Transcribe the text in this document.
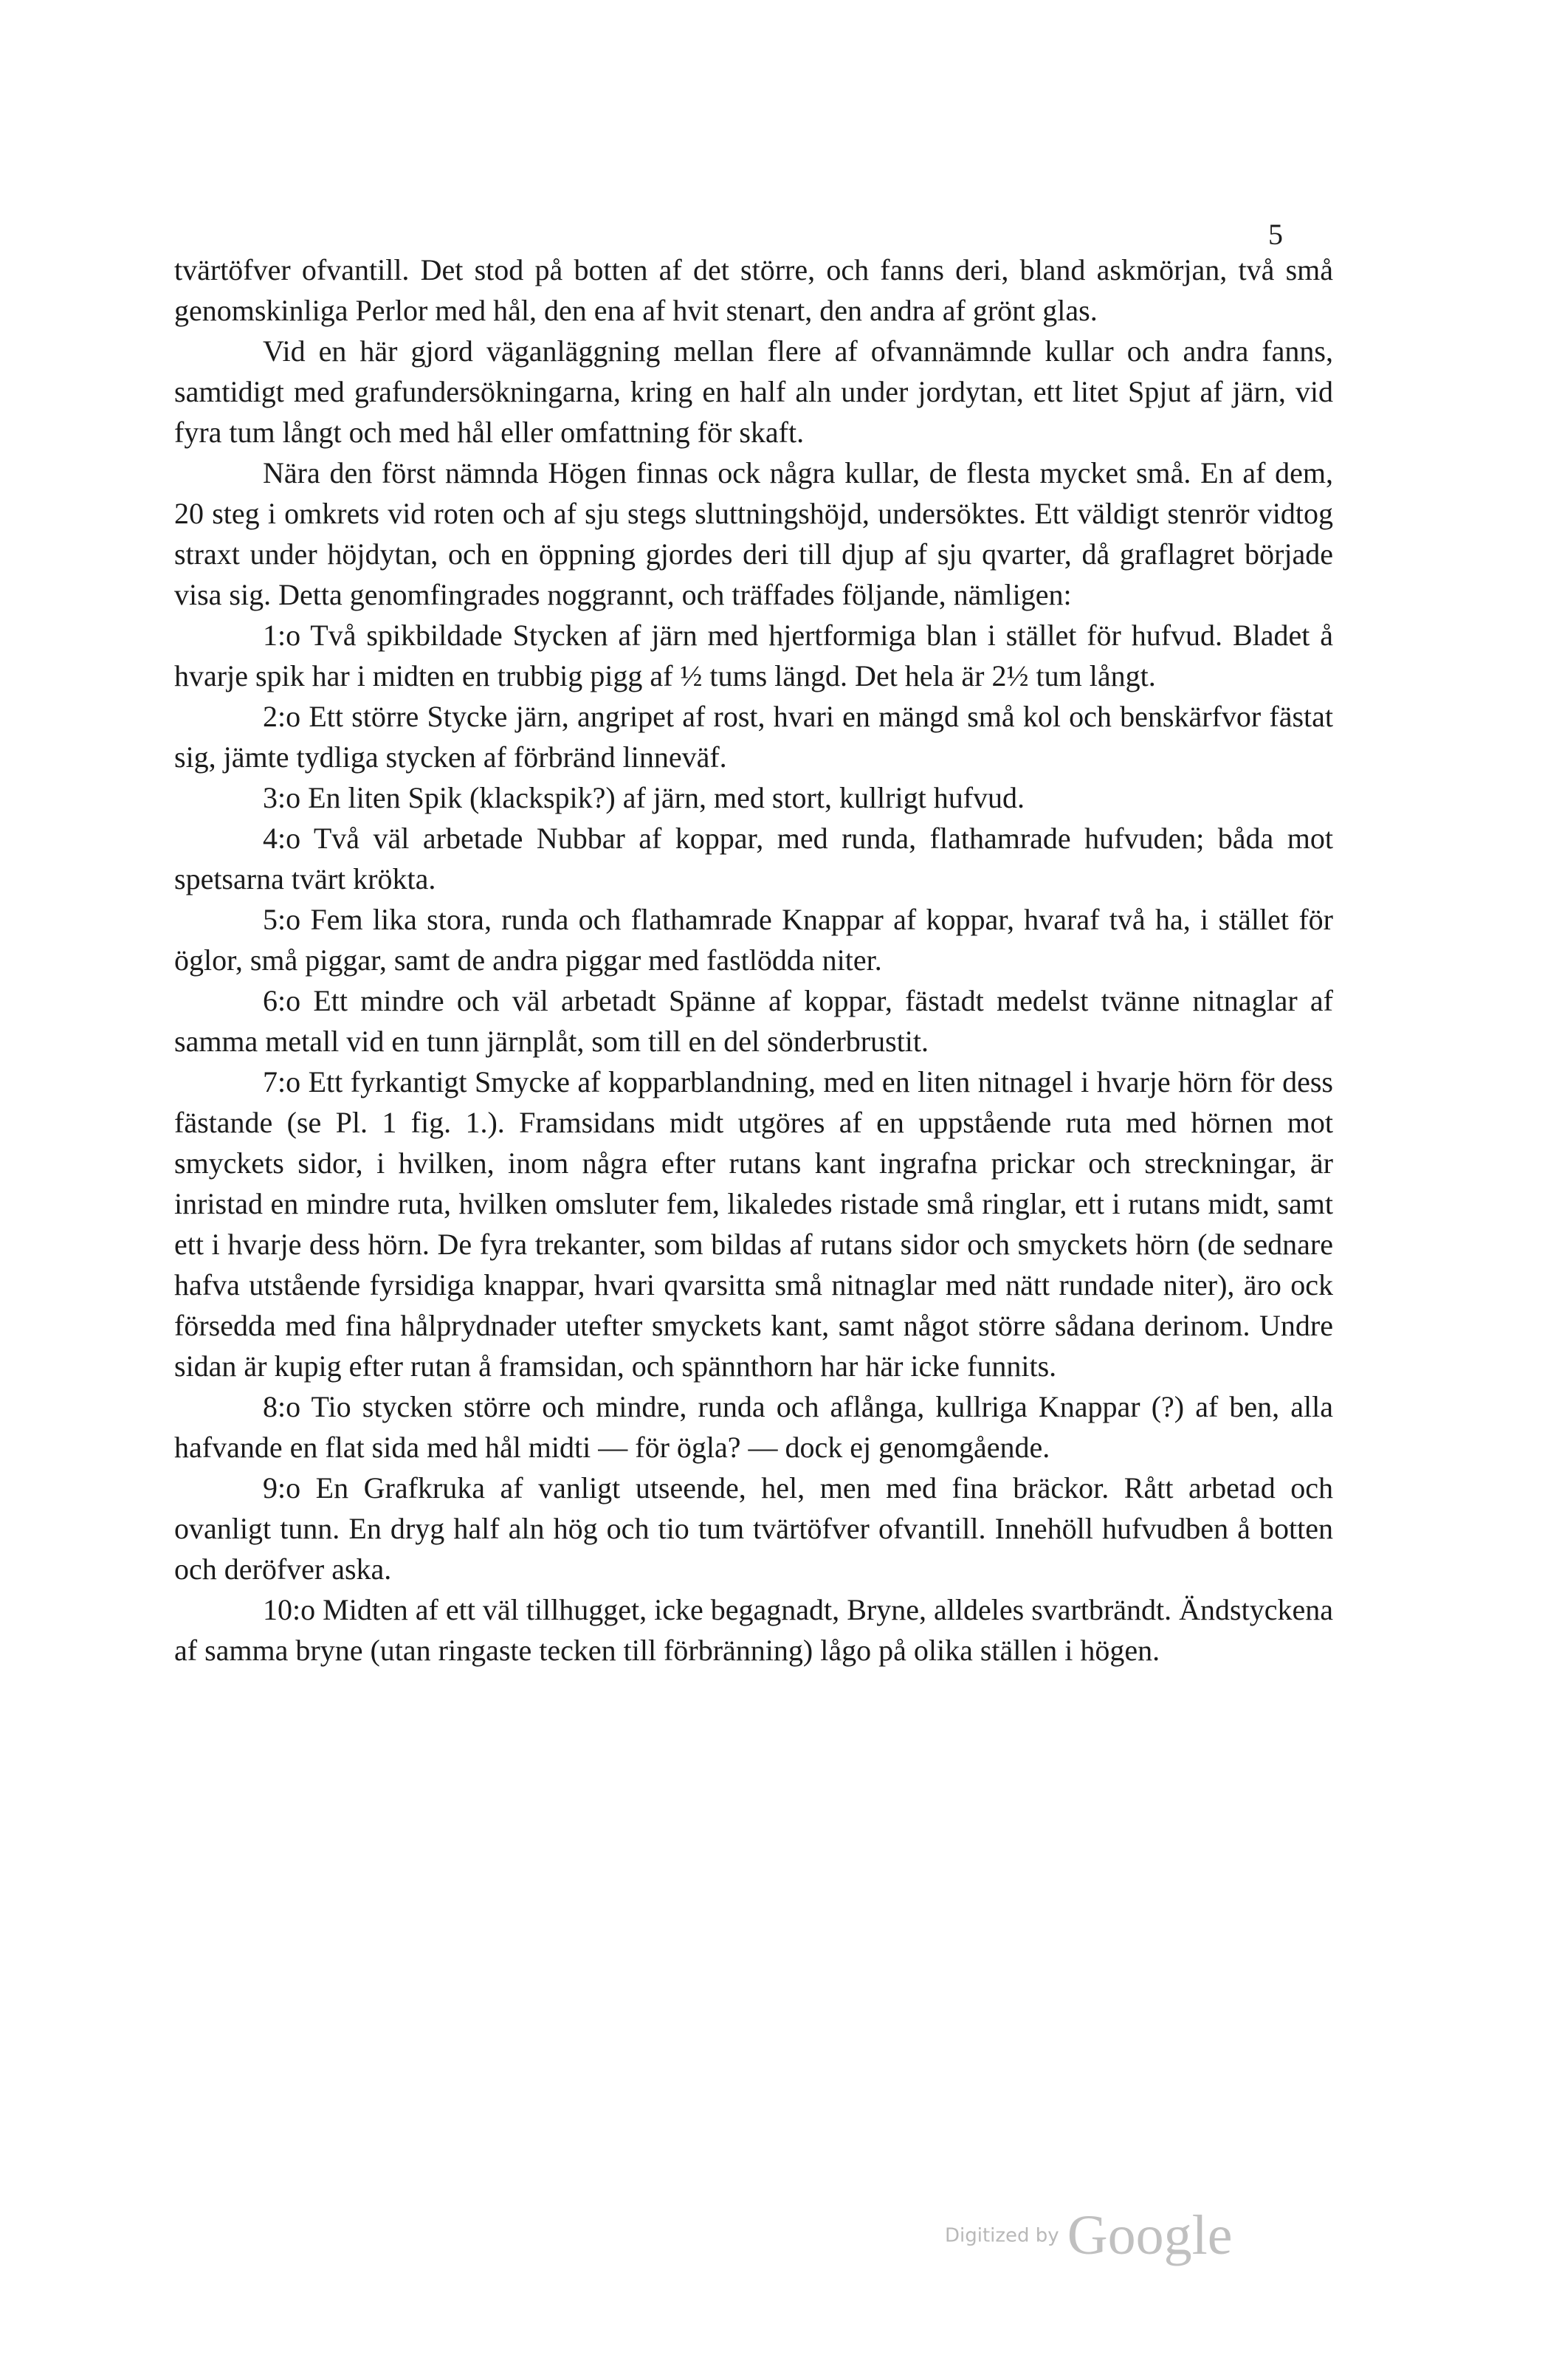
5

tvärtöfver ofvantill. Det stod på botten af det större, och fanns deri, bland askmörjan, två små genomskinliga Perlor med hål, den ena af hvit stenart, den andra af grönt glas.

Vid en här gjord väganläggning mellan flere af ofvannämnde kullar och andra fanns, samtidigt med grafundersökningarna, kring en half aln under jordytan, ett litet Spjut af järn, vid fyra tum långt och med hål eller omfattning för skaft.

Nära den först nämnda Högen finnas ock några kullar, de flesta mycket små. En af dem, 20 steg i omkrets vid roten och af sju stegs sluttningshöjd, undersöktes. Ett väldigt stenrör vidtog straxt under höjdytan, och en öppning gjordes deri till djup af sju qvarter, då graflagret började visa sig. Detta genomfingrades noggrannt, och träffades följande, nämligen:

1:o Två spikbildade Stycken af järn med hjertformiga blan i stället för hufvud. Bladet å hvarje spik har i midten en trubbig pigg af ½ tums längd. Det hela är 2½ tum långt.

2:o Ett större Stycke järn, angripet af rost, hvari en mängd små kol och benskärfvor fästat sig, jämte tydliga stycken af förbränd linneväf.

3:o En liten Spik (klackspik?) af järn, med stort, kullrigt hufvud.

4:o Två väl arbetade Nubbar af koppar, med runda, flathamrade hufvuden; båda mot spetsarna tvärt krökta.

5:o Fem lika stora, runda och flathamrade Knappar af koppar, hvaraf två ha, i stället för öglor, små piggar, samt de andra piggar med fastlödda niter.

6:o Ett mindre och väl arbetadt Spänne af koppar, fästadt medelst tvänne nitnaglar af samma metall vid en tunn järnplåt, som till en del sönderbrustit.

7:o Ett fyrkantigt Smycke af kopparblandning, med en liten nitnagel i hvarje hörn för dess fästande (se Pl. 1 fig. 1.). Framsidans midt utgöres af en uppstående ruta med hörnen mot smyckets sidor, i hvilken, inom några efter rutans kant ingrafna prickar och streckningar, är inristad en mindre ruta, hvilken omsluter fem, likaledes ristade små ringlar, ett i rutans midt, samt ett i hvarje dess hörn. De fyra trekanter, som bildas af rutans sidor och smyckets hörn (de sednare hafva utstående fyrsidiga knappar, hvari qvarsitta små nitnaglar med nätt rundade niter), äro ock försedda med fina hålprydnader utefter smyckets kant, samt något större sådana derinom. Undre sidan är kupig efter rutan å framsidan, och spännthorn har här icke funnits.

8:o Tio stycken större och mindre, runda och aflånga, kullriga Knappar (?) af ben, alla hafvande en flat sida med hål midti — för ögla? — dock ej genomgående.

9:o En Grafkruka af vanligt utseende, hel, men med fina bräckor. Rått arbetad och ovanligt tunn. En dryg half aln hög och tio tum tvärtöfver ofvantill. Innehöll hufvudben å botten och deröfver aska.

10:o Midten af ett väl tillhugget, icke begagnadt, Bryne, alldeles svartbrändt. Ändstyckena af samma bryne (utan ringaste tecken till förbränning) lågo på olika ställen i högen.

Digitized by Google
